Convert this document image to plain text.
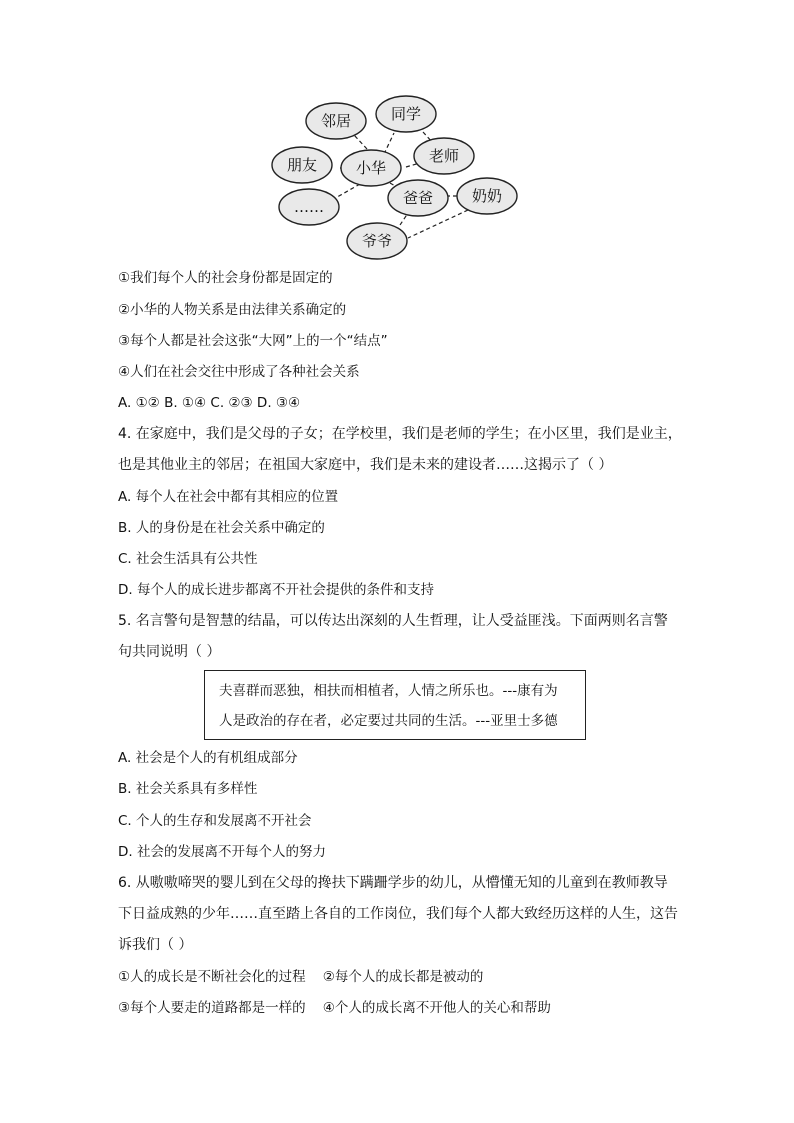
邻居	同学
朋友	小华
老师
……	爸爸	奶奶
爷爷
①我们每个人的社会身份都是固定的
②小华的人物关系是由法律关系确定的
③每个人都是社会这张“大网”上的一个“结点”
④人们在社会交往中形成了各种社会关系
A. ①② B. ①④ C. ②③ D. ③④
4. 在家庭中，我们是父母的子女；在学校里，我们是老师的学生；在小区里，我们是业主，
也是其他业主的邻居；在祖国大家庭中，我们是未来的建设者……这揭示了（ ）
A. 每个人在社会中都有其相应的位置
B. 人的身份是在社会关系中确定的
C. 社会生活具有公共性
D. 每个人的成长进步都离不开社会提供的条件和支持
5. 名言警句是智慧的结晶，可以传达出深刻的人生哲理，让人受益匪浅。下面两则名言警
句共同说明（ ）
夫喜群而恶独，相扶而相植者，人情之所乐也。---康有为
人是政治的存在者，必定要过共同的生活。---亚里士多德
A. 社会是个人的有机组成部分
B. 社会关系具有多样性
C. 个人的生存和发展离不开社会
D. 社会的发展离不开每个人的努力
6. 从嗷嗷啼哭的婴儿到在父母的搀扶下蹒跚学步的幼儿，从懵懂无知的儿童到在教师教导
下日益成熟的少年……直至踏上各自的工作岗位，我们每个人都大致经历这样的人生，这告
诉我们（ ）
①人的成长是不断社会化的过程    ②每个人的成长都是被动的
③每个人要走的道路都是一样的    ④个人的成长离不开他人的关心和帮助
